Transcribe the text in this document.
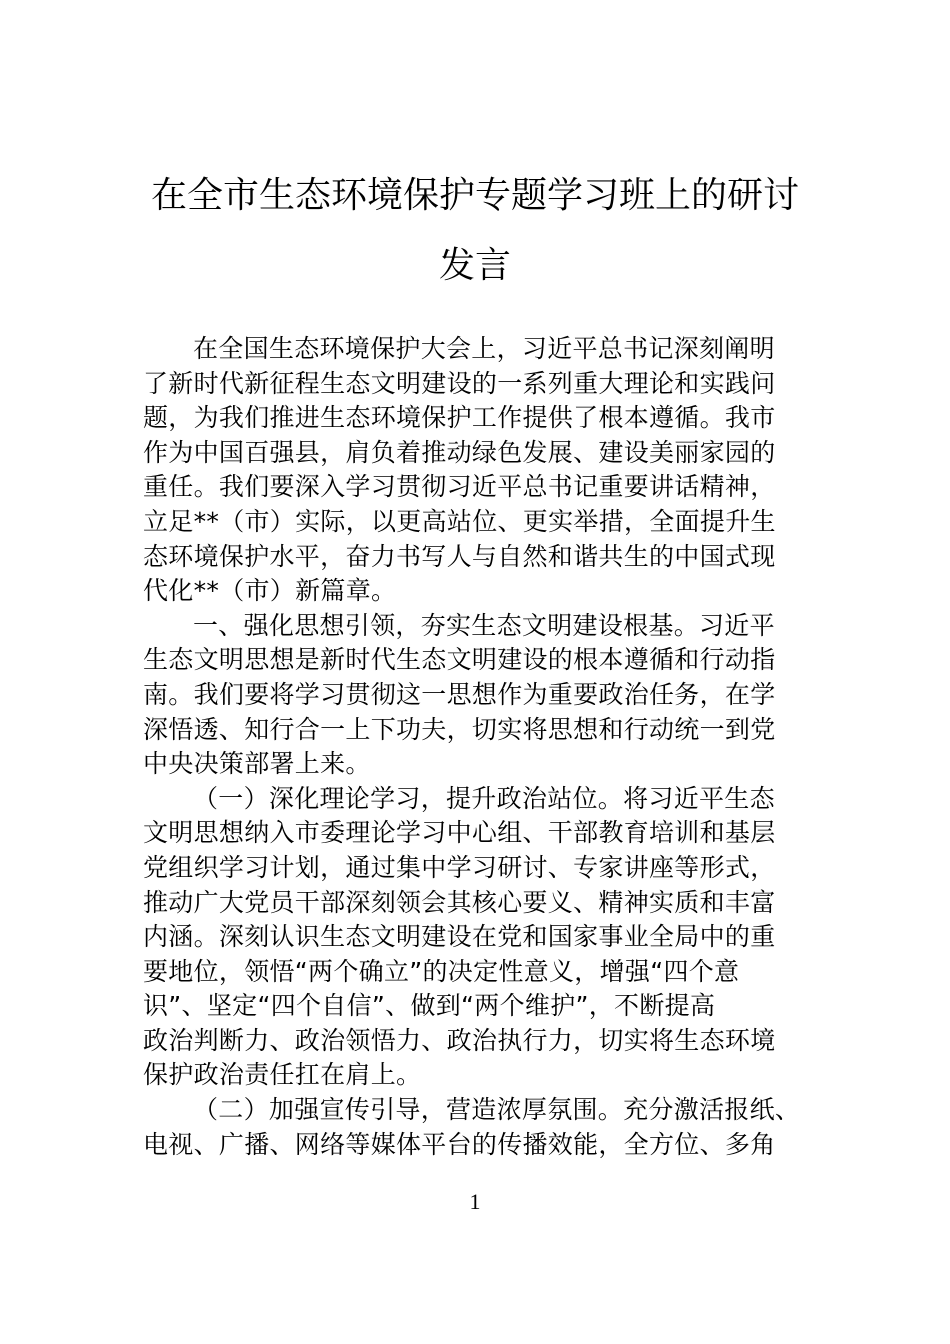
在全市生态环境保护专题学习班上的研讨
发言
在全国生态环境保护大会上，习近平总书记深刻阐明
了新时代新征程生态文明建设的一系列重大理论和实践问
题，为我们推进生态环境保护工作提供了根本遵循。我市
作为中国百强县，肩负着推动绿色发展、建设美丽家园的
重任。我们要深入学习贯彻习近平总书记重要讲话精神，
立足**（市）实际，以更高站位、更实举措，全面提升生
态环境保护水平，奋力书写人与自然和谐共生的中国式现
代化**（市）新篇章。
一、强化思想引领，夯实生态文明建设根基。习近平
生态文明思想是新时代生态文明建设的根本遵循和行动指
南。我们要将学习贯彻这一思想作为重要政治任务，在学
深悟透、知行合一上下功夫，切实将思想和行动统一到党
中央决策部署上来。
（一）深化理论学习，提升政治站位。将习近平生态
文明思想纳入市委理论学习中心组、干部教育培训和基层
党组织学习计划，通过集中学习研讨、专家讲座等形式，
推动广大党员干部深刻领会其核心要义、精神实质和丰富
内涵。深刻认识生态文明建设在党和国家事业全局中的重
要地位，领悟“两个确立”的决定性意义，增强“四个意
识”、坚定“四个自信”、做到“两个维护”，不断提高
政治判断力、政治领悟力、政治执行力，切实将生态环境
保护政治责任扛在肩上。
（二）加强宣传引导，营造浓厚氛围。充分激活报纸、
电视、广播、网络等媒体平台的传播效能，全方位、多角
1
